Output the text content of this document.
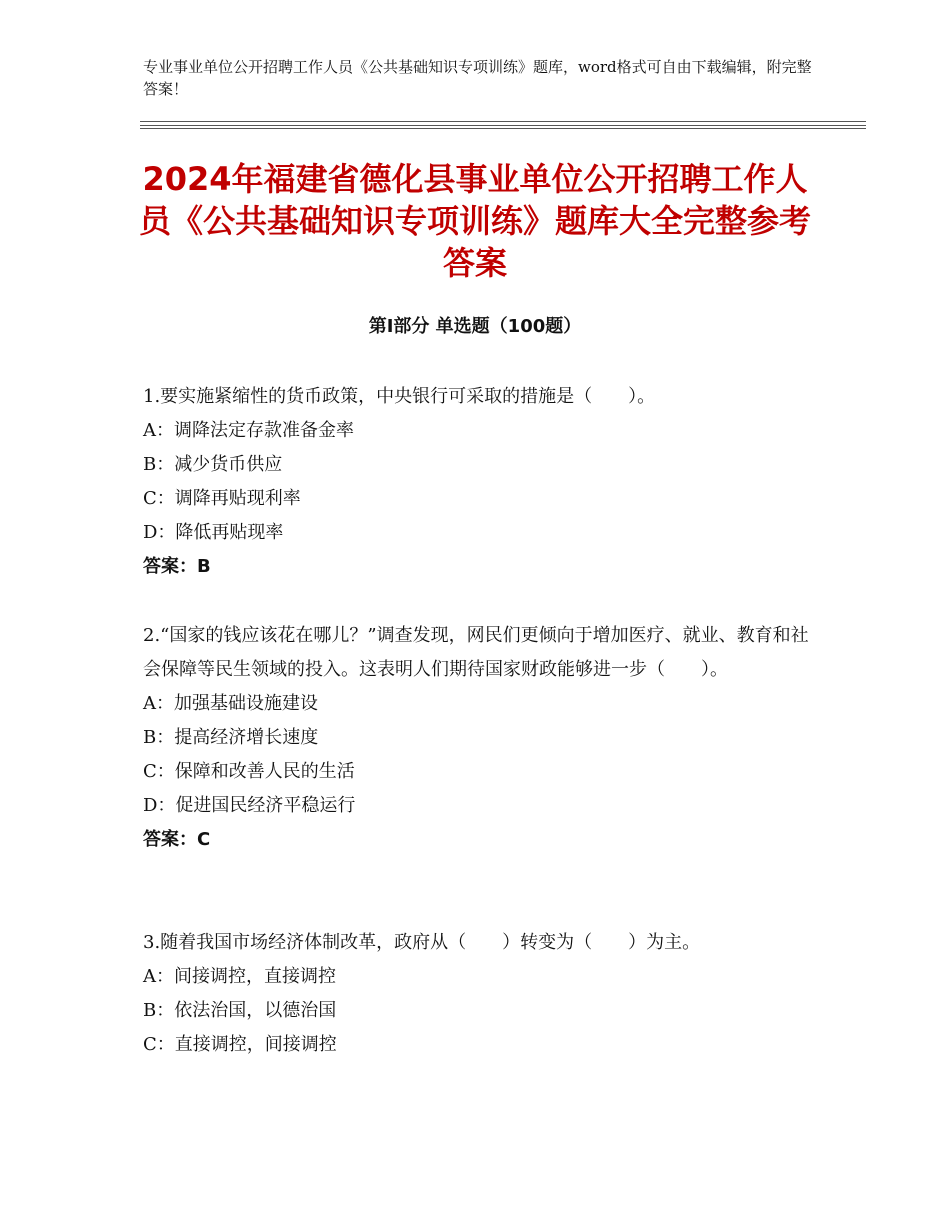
专业事业单位公开招聘工作人员《公共基础知识专项训练》题库，word格式可自由下载编辑，附完整答案！
2024年福建省德化县事业单位公开招聘工作人员《公共基础知识专项训练》题库大全完整参考答案
第Ⅰ部分 单选题（100题）

1.要实施紧缩性的货币政策，中央银行可采取的措施是（　　）。

A：调降法定存款准备金率

B：减少货币供应

C：调降再贴现利率

D：降低再贴现率

答案：B

2.“国家的钱应该花在哪儿？”调查发现，网民们更倾向于增加医疗、就业、教育和社会保障等民生领域的投入。这表明人们期待国家财政能够进一步（　　）。

A：加强基础设施建设

B：提高经济增长速度

C：保障和改善人民的生活

D：促进国民经济平稳运行

答案：C

3.随着我国市场经济体制改革，政府从（　　）转变为（　　）为主。

A：间接调控，直接调控

B：依法治国，以德治国

C：直接调控，间接调控
